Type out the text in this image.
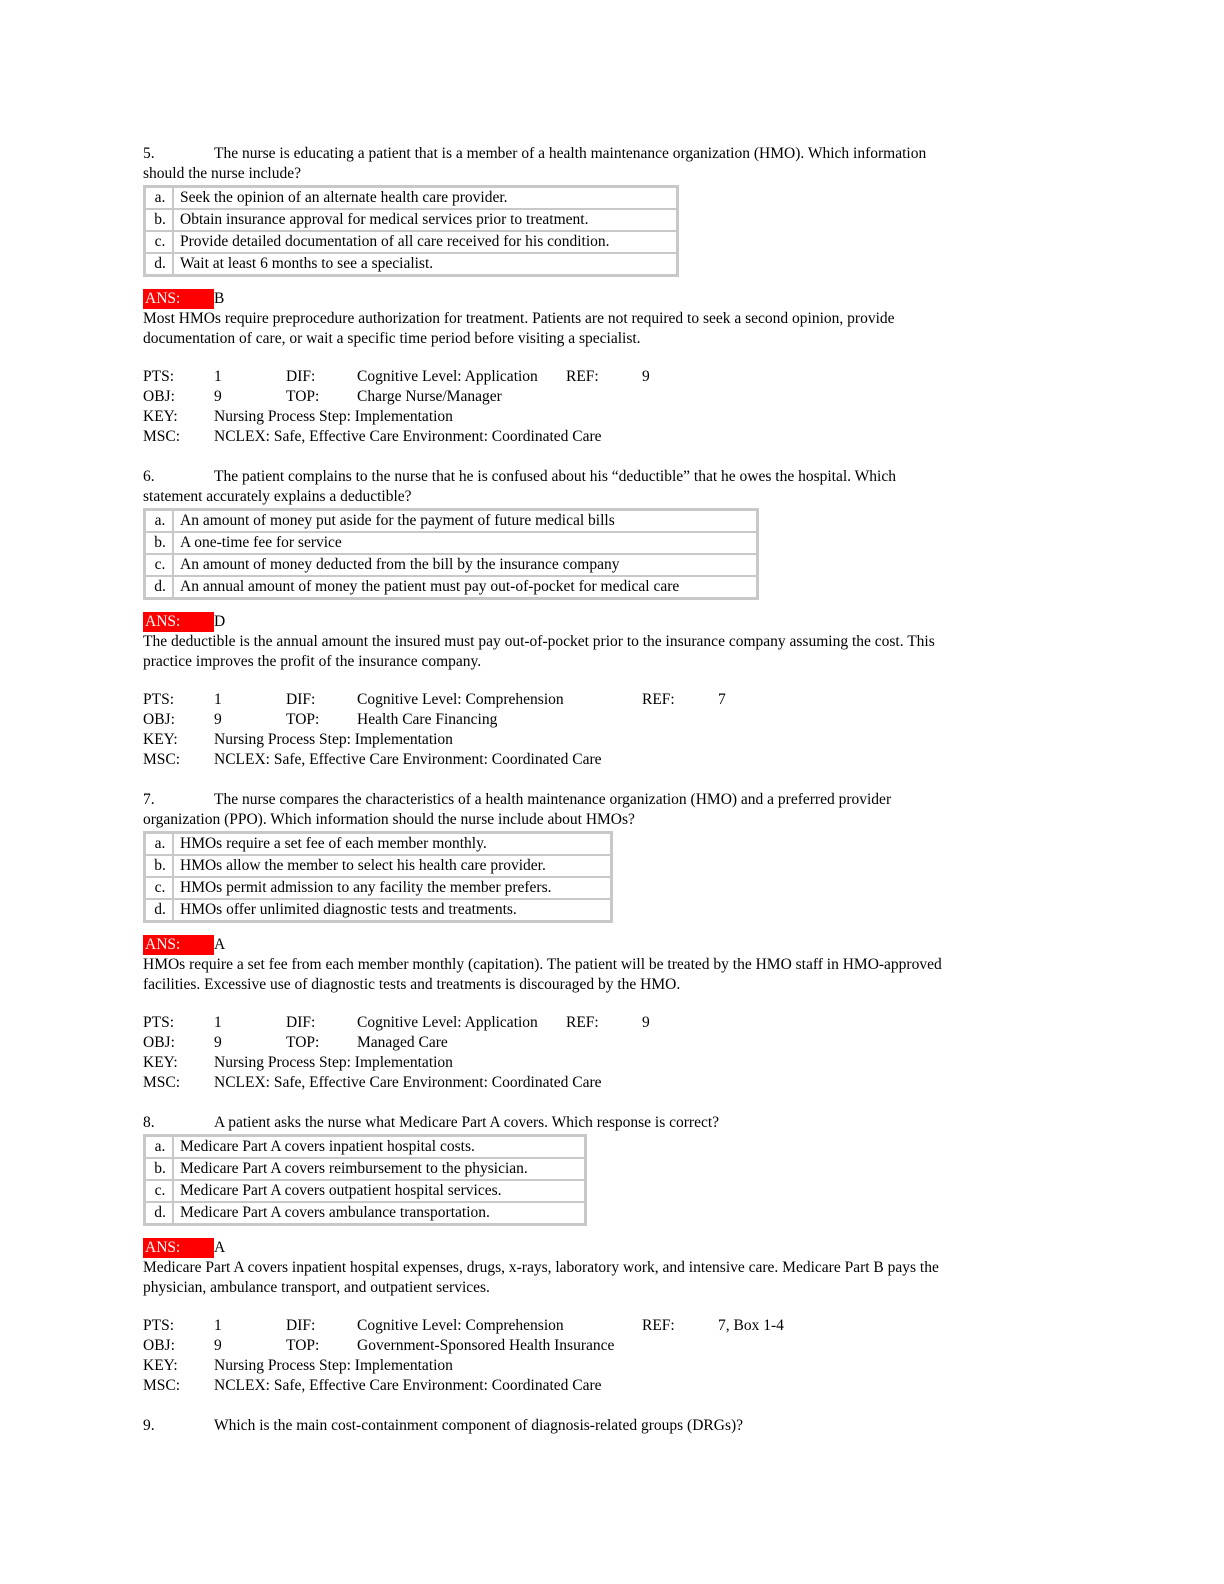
5.	The nurse is educating a patient that is a member of a health maintenance organization (HMO). Which information
should the nurse include?
a.	Seek the opinion of an alternate health care provider.
b.	Obtain insurance approval for medical services prior to treatment.
c.	Provide detailed documentation of all care received for his condition.
d.	Wait at least 6 months to see a specialist.
ANS:	B
Most HMOs require preprocedure authorization for treatment. Patients are not required to seek a second opinion, provide
documentation of care, or wait a specific time period before visiting a specialist.
PTS:	1	DIF:	Cognitive Level: Application	REF:	9
OBJ:	9	TOP:	Charge Nurse/Manager
KEY:	Nursing Process Step: Implementation
MSC:	NCLEX: Safe, Effective Care Environment: Coordinated Care
6.	The patient complains to the nurse that he is confused about his “deductible” that he owes the hospital. Which
statement accurately explains a deductible?
a.	An amount of money put aside for the payment of future medical bills
b.	A one-time fee for service
c.	An amount of money deducted from the bill by the insurance company
d.	An annual amount of money the patient must pay out-of-pocket for medical care
ANS:	D
The deductible is the annual amount the insured must pay out-of-pocket prior to the insurance company assuming the cost. This
practice improves the profit of the insurance company.
PTS:	1	DIF:	Cognitive Level: Comprehension	REF:	7
OBJ:	9	TOP:	Health Care Financing
KEY:	Nursing Process Step: Implementation
MSC:	NCLEX: Safe, Effective Care Environment: Coordinated Care
7.	The nurse compares the characteristics of a health maintenance organization (HMO) and a preferred provider
organization (PPO). Which information should the nurse include about HMOs?
a.	HMOs require a set fee of each member monthly.
b.	HMOs allow the member to select his health care provider.
c.	HMOs permit admission to any facility the member prefers.
d.	HMOs offer unlimited diagnostic tests and treatments.
ANS:	A
HMOs require a set fee from each member monthly (capitation). The patient will be treated by the HMO staff in HMO-approved
facilities. Excessive use of diagnostic tests and treatments is discouraged by the HMO.
PTS:	1	DIF:	Cognitive Level: Application	REF:	9
OBJ:	9	TOP:	Managed Care
KEY:	Nursing Process Step: Implementation
MSC:	NCLEX: Safe, Effective Care Environment: Coordinated Care
8.	A patient asks the nurse what Medicare Part A covers. Which response is correct?
a.	Medicare Part A covers inpatient hospital costs.
b.	Medicare Part A covers reimbursement to the physician.
c.	Medicare Part A covers outpatient hospital services.
d.	Medicare Part A covers ambulance transportation.
ANS:	A
Medicare Part A covers inpatient hospital expenses, drugs, x-rays, laboratory work, and intensive care. Medicare Part B pays the
physician, ambulance transport, and outpatient services.
PTS:	1	DIF:	Cognitive Level: Comprehension	REF:	7, Box 1-4
OBJ:	9	TOP:	Government-Sponsored Health Insurance
KEY:	Nursing Process Step: Implementation
MSC:	NCLEX: Safe, Effective Care Environment: Coordinated Care
9.	Which is the main cost-containment component of diagnosis-related groups (DRGs)?
